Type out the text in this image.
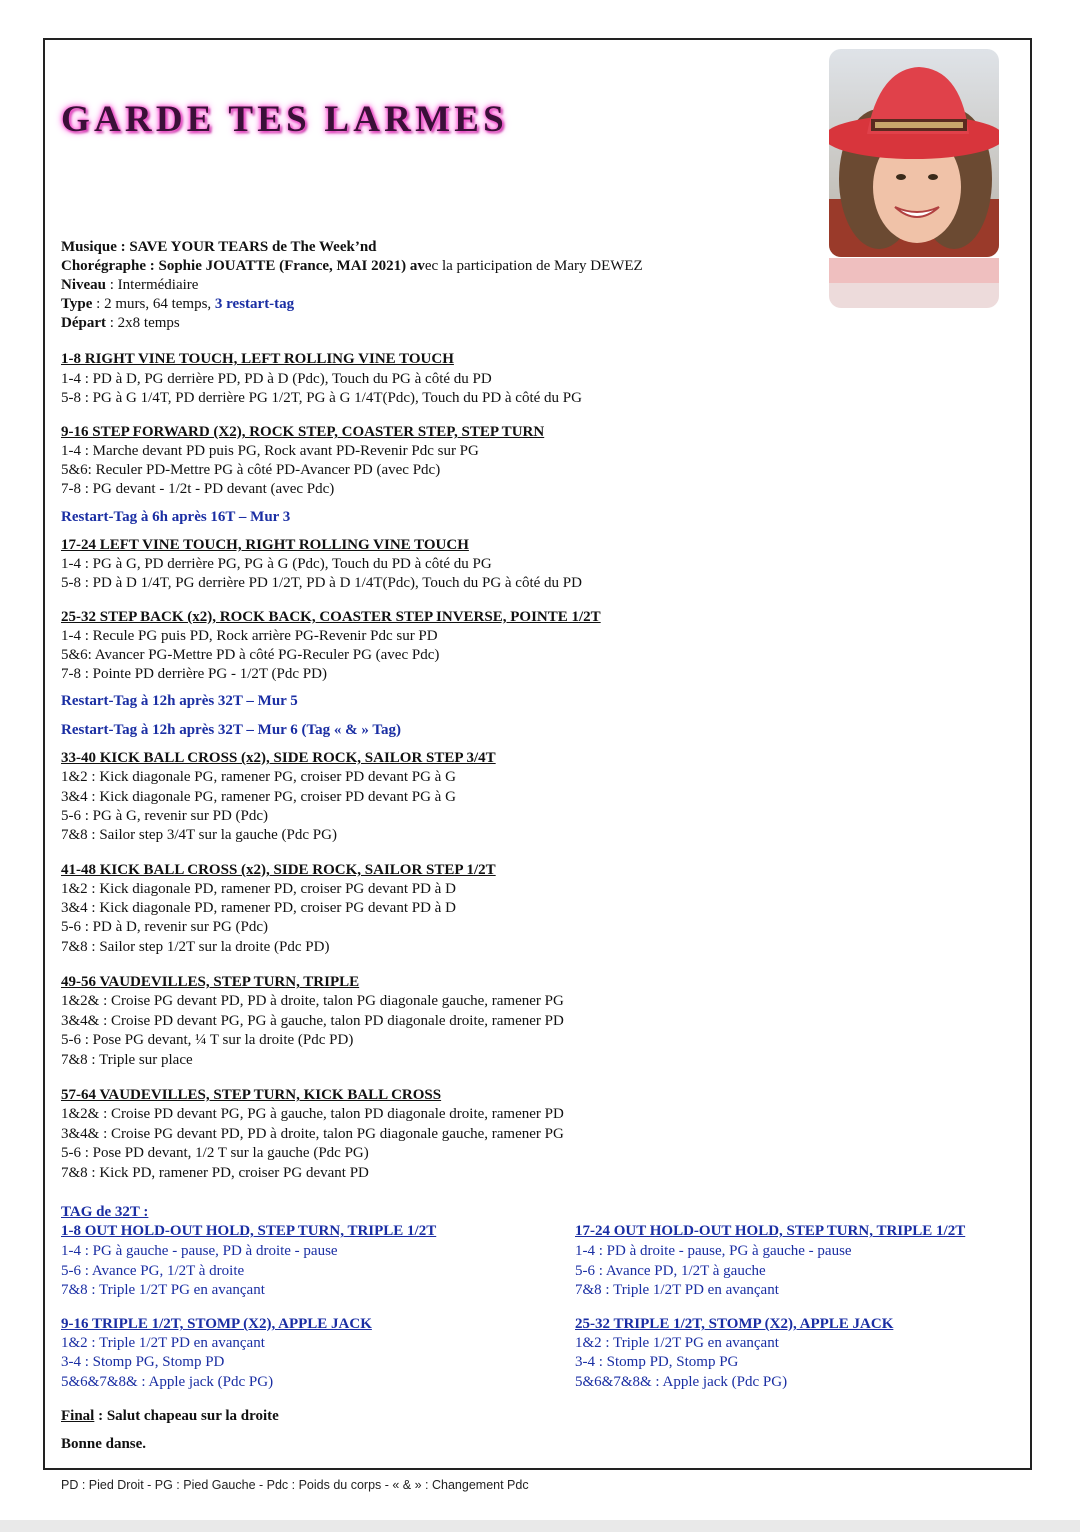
GARDE TES LARMES
Musique : SAVE YOUR TEARS de The Week’nd
Chorégraphe : Sophie JOUATTE (France, MAI 2021) avec la participation de Mary DEWEZ
Niveau : Intermédiaire
Type : 2 murs, 64 temps, 3 restart-tag
Départ : 2x8 temps
1-8 RIGHT VINE TOUCH, LEFT ROLLING VINE TOUCH
1-4 : PD à D, PG derrière PD, PD à D (Pdc), Touch du PG à côté du PD
5-8 : PG à G 1/4T, PD derrière PG 1/2T, PG à G 1/4T(Pdc), Touch du PD à côté du PG
9-16 STEP FORWARD (X2), ROCK STEP, COASTER STEP, STEP TURN
1-4 : Marche devant PD puis PG, Rock avant PD-Revenir Pdc sur PG
5&6: Reculer PD-Mettre PG à côté PD-Avancer PD (avec Pdc)
7-8 : PG devant - 1/2t - PD devant (avec Pdc)
Restart-Tag à 6h après 16T – Mur 3
17-24 LEFT VINE TOUCH, RIGHT ROLLING VINE TOUCH
1-4 : PG à G, PD derrière PG, PG à G (Pdc), Touch du PD à côté du PG
5-8 : PD à D 1/4T, PG derrière PD 1/2T, PD à D 1/4T(Pdc), Touch du PG à côté du PD
25-32 STEP BACK (x2), ROCK BACK, COASTER STEP INVERSE, POINTE 1/2T
1-4 : Recule PG puis PD, Rock arrière PG-Revenir Pdc sur PD
5&6: Avancer PG-Mettre PD à côté PG-Reculer PG (avec Pdc)
7-8 : Pointe PD derrière PG - 1/2T (Pdc PD)
Restart-Tag à 12h après 32T – Mur 5
Restart-Tag à 12h après 32T – Mur 6 (Tag « & » Tag)
33-40 KICK BALL CROSS (x2), SIDE ROCK, SAILOR STEP 3/4T
1&2 : Kick diagonale PG, ramener PG, croiser PD devant PG à G
3&4 : Kick diagonale PG, ramener PG, croiser PD devant PG à G
5-6 : PG à G, revenir sur PD (Pdc)
7&8 : Sailor step 3/4T sur la gauche (Pdc PG)
41-48 KICK BALL CROSS (x2), SIDE ROCK, SAILOR STEP 1/2T
1&2 : Kick diagonale PD, ramener PD, croiser PG devant PD à D
3&4 : Kick diagonale PD, ramener PD, croiser PG devant PD à D
5-6 : PD à D, revenir sur PG (Pdc)
7&8 : Sailor step 1/2T sur la droite (Pdc PD)
49-56 VAUDEVILLES, STEP TURN, TRIPLE
1&2& : Croise PG devant PD, PD à droite, talon PG diagonale gauche, ramener PG
3&4& : Croise PD devant PG, PG à gauche, talon PD diagonale droite, ramener PD
5-6 : Pose PG devant, ¼ T sur la droite (Pdc PD)
7&8 : Triple sur place
57-64 VAUDEVILLES, STEP TURN, KICK BALL CROSS
1&2& : Croise PD devant PG, PG à gauche, talon PD diagonale droite, ramener PD
3&4& : Croise PG devant PD, PD à droite, talon PG diagonale gauche, ramener PG
5-6 : Pose PD devant, 1/2 T sur la gauche (Pdc PG)
7&8 : Kick PD, ramener PD, croiser PG devant PD
TAG de 32T :
1-8 OUT HOLD-OUT HOLD, STEP TURN, TRIPLE 1/2T
1-4 : PG à gauche - pause, PD à droite - pause
5-6 : Avance PG, 1/2T à droite
7&8 : Triple 1/2T PG en avançant
9-16 TRIPLE 1/2T, STOMP (X2), APPLE JACK
1&2 : Triple 1/2T PD en avançant
3-4 : Stomp PG, Stomp PD
5&6&7&8& : Apple jack (Pdc PG)
17-24 OUT HOLD-OUT HOLD, STEP TURN, TRIPLE 1/2T
1-4 : PD à droite - pause, PG à gauche - pause
5-6 : Avance PD, 1/2T à gauche
7&8 : Triple 1/2T PD en avançant
25-32 TRIPLE 1/2T, STOMP (X2), APPLE JACK
1&2 : Triple 1/2T PG en avançant
3-4 : Stomp PD, Stomp PG
5&6&7&8& : Apple jack (Pdc PG)
Final : Salut chapeau sur la droite
Bonne danse.
PD : Pied Droit - PG : Pied Gauche - Pdc : Poids du corps - « & » : Changement Pdc
